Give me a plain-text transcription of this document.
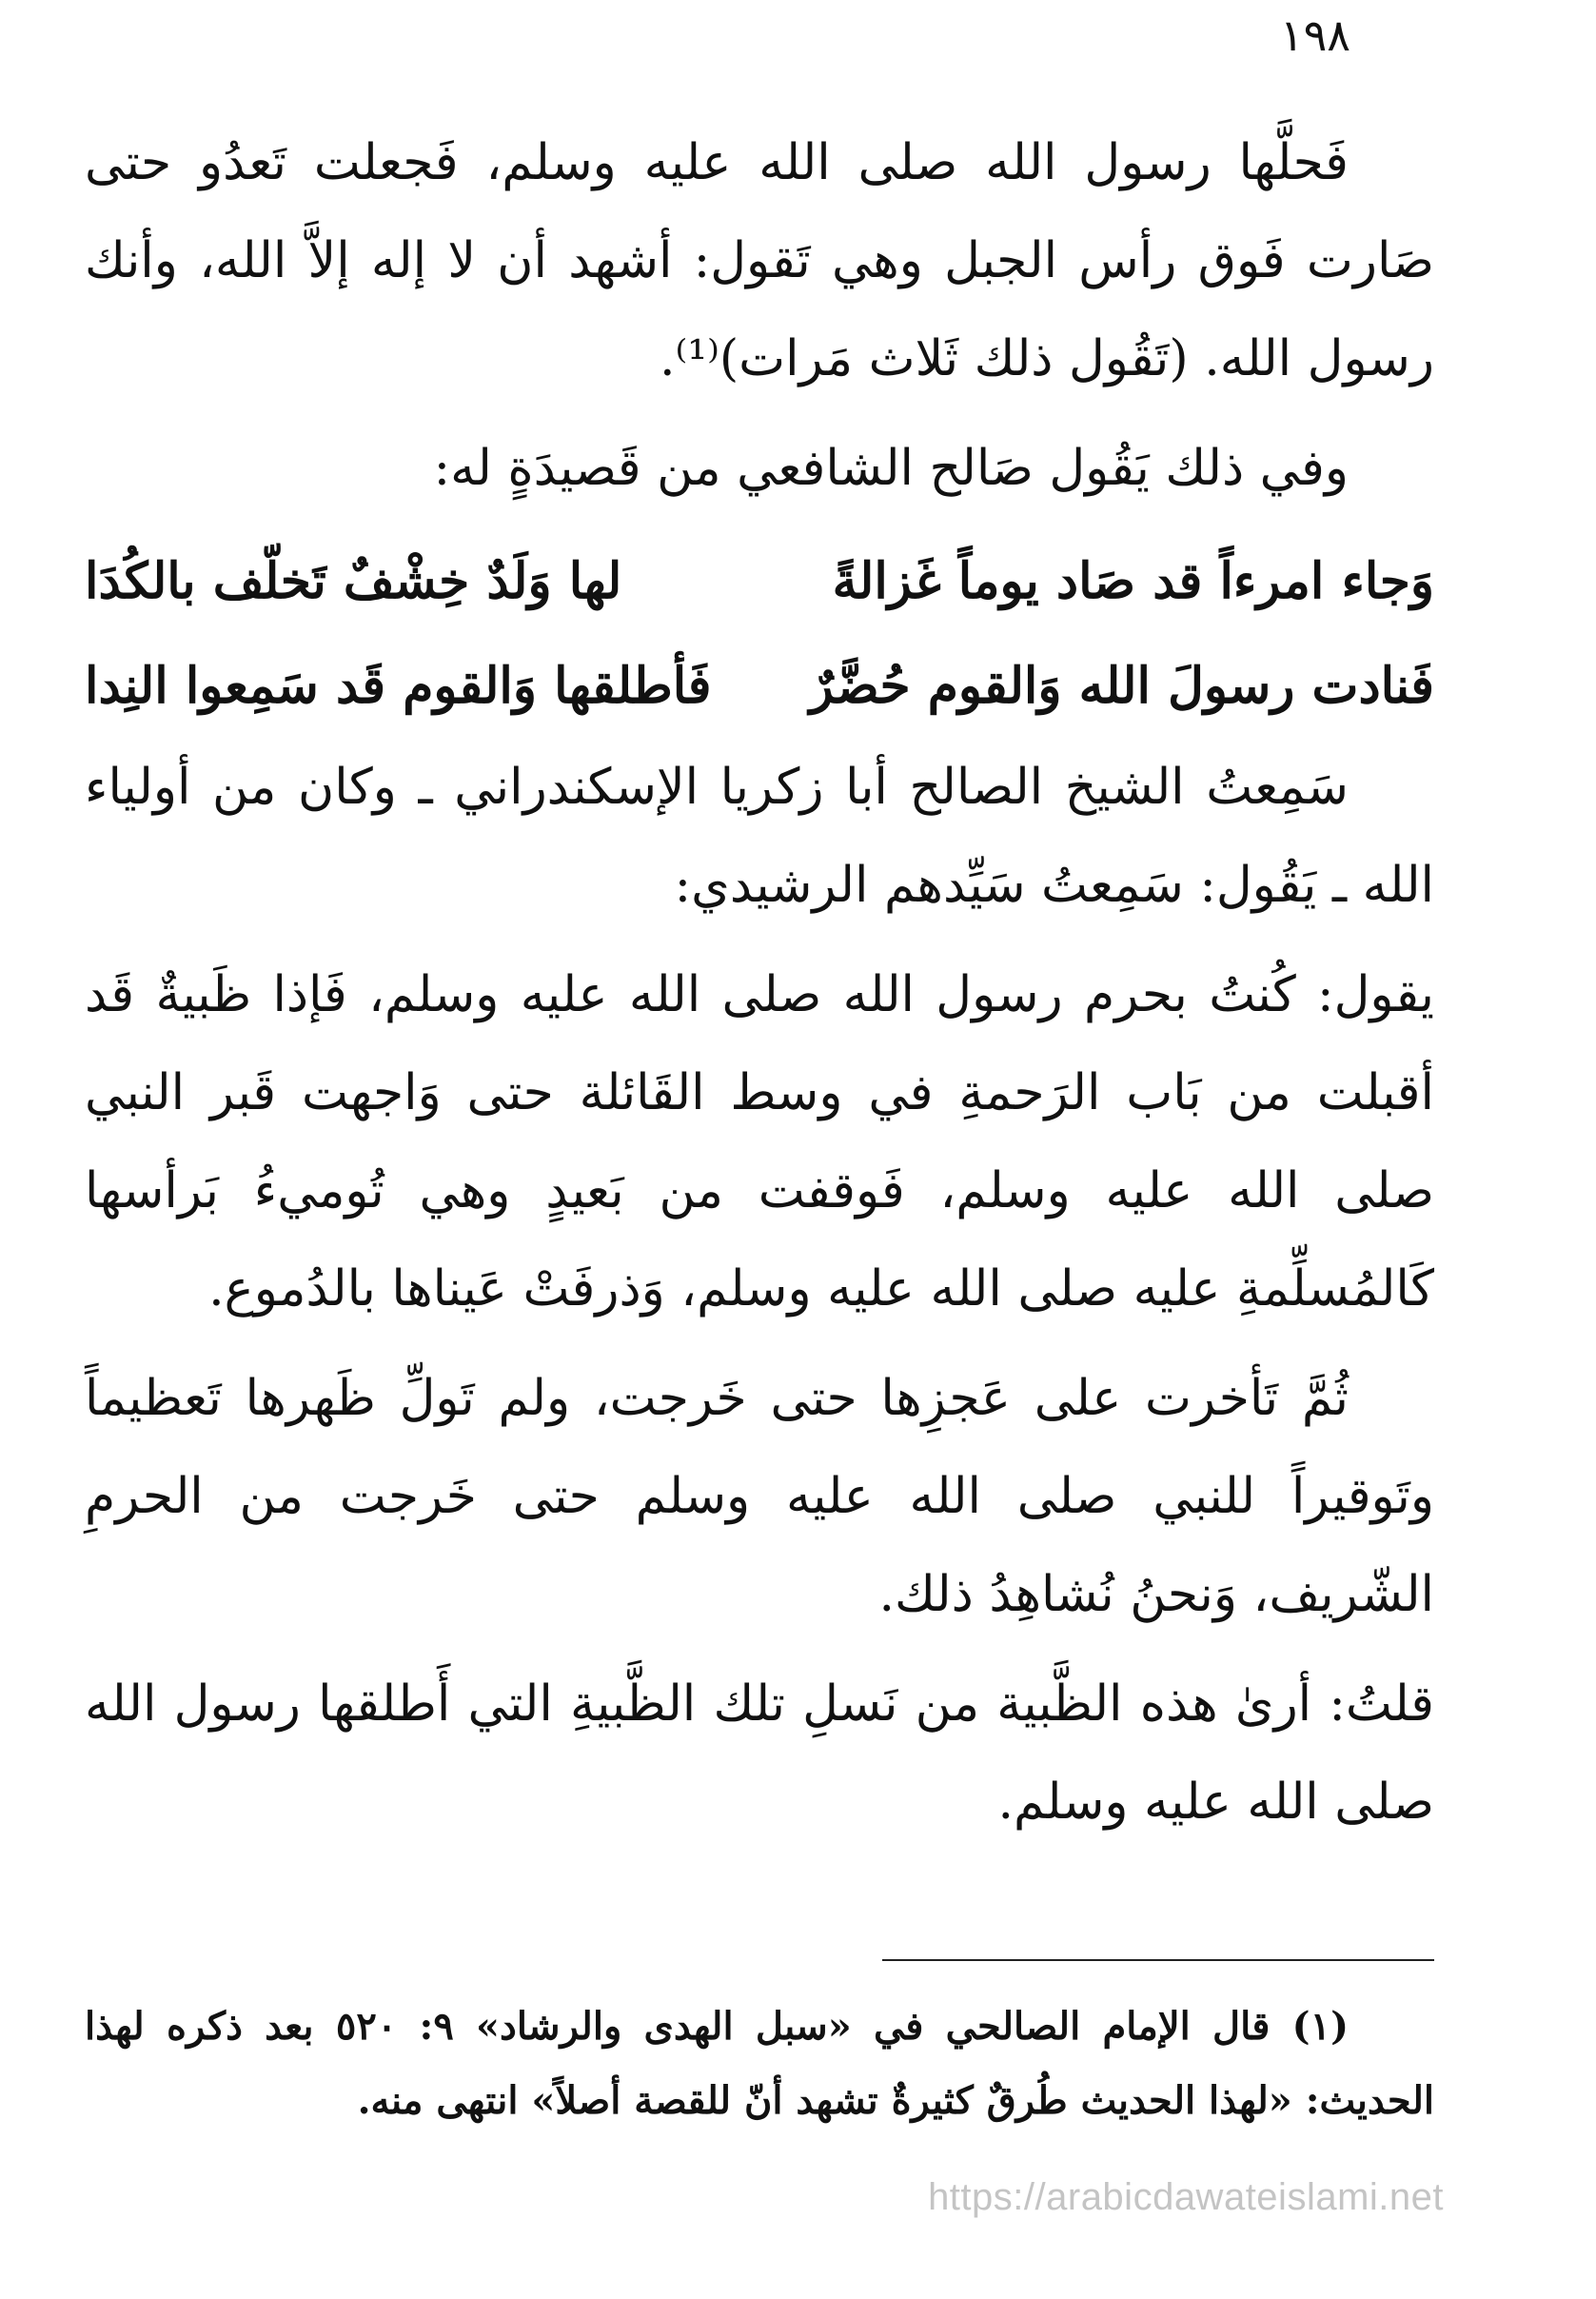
١٩٨

فَحلَّها رسول الله صلى الله عليه وسلم، فَجعلت تَعدُو حتى صَارت فَوق رأس الجبل وهي تَقول: أشهد أن لا إله إلاَّ الله، وأنك رسول الله. (تَقُول ذلك ثَلاث مَرات)⁽¹⁾.

وفي ذلك يَقُول صَالح الشافعي من قَصيدَةٍ له:

وَجاء امرءاً قد صَاد يوماً غَزالةً
لها وَلَدٌ خِشْفٌ تَخلّف بالكُدَا
فَنادت رسولَ الله وَالقوم حُضَّرٌ
فَأطلقها وَالقوم قَد سَمِعوا النِدا

سَمِعتُ الشيخ الصالح أبا زكريا الإسكندراني ـ وكان من أولياء الله ـ يَقُول: سَمِعتُ سَيِّدهم الرشيدي:

يقول: كُنتُ بحرم رسول الله صلى الله عليه وسلم، فَإذا ظَبيةٌ قَد أقبلت من بَاب الرَحمةِ في وسط القَائلة حتى وَاجهت قَبر النبي صلى الله عليه وسلم، فَوقفت من بَعيدٍ وهي تُوميءُ بَرأسها كَالمُسلِّمةِ عليه صلى الله عليه وسلم، وَذرفَتْ عَيناها بالدُموع.

ثُمَّ تَأخرت على عَجزِها حتى خَرجت، ولم تَولِّ ظَهرها تَعظيماً وتَوقيراً للنبي صلى الله عليه وسلم حتى خَرجت من الحرمِ الشّريف، وَنحنُ نُشاهِدُ ذلك.

قلتُ: أرىٰ هذه الظَّبية من نَسلِ تلك الظَّبيةِ التي أَطلقها رسول الله صلى الله عليه وسلم.

(١) قال الإمام الصالحي في «سبل الهدى والرشاد» ٩: ٥٢٠ بعد ذكره لهذا الحديث: «لهذا الحديث طُرقٌ كثيرةٌ تشهد أنّ للقصة أصلاً» انتهى منه.

https://arabicdawateislami.net
